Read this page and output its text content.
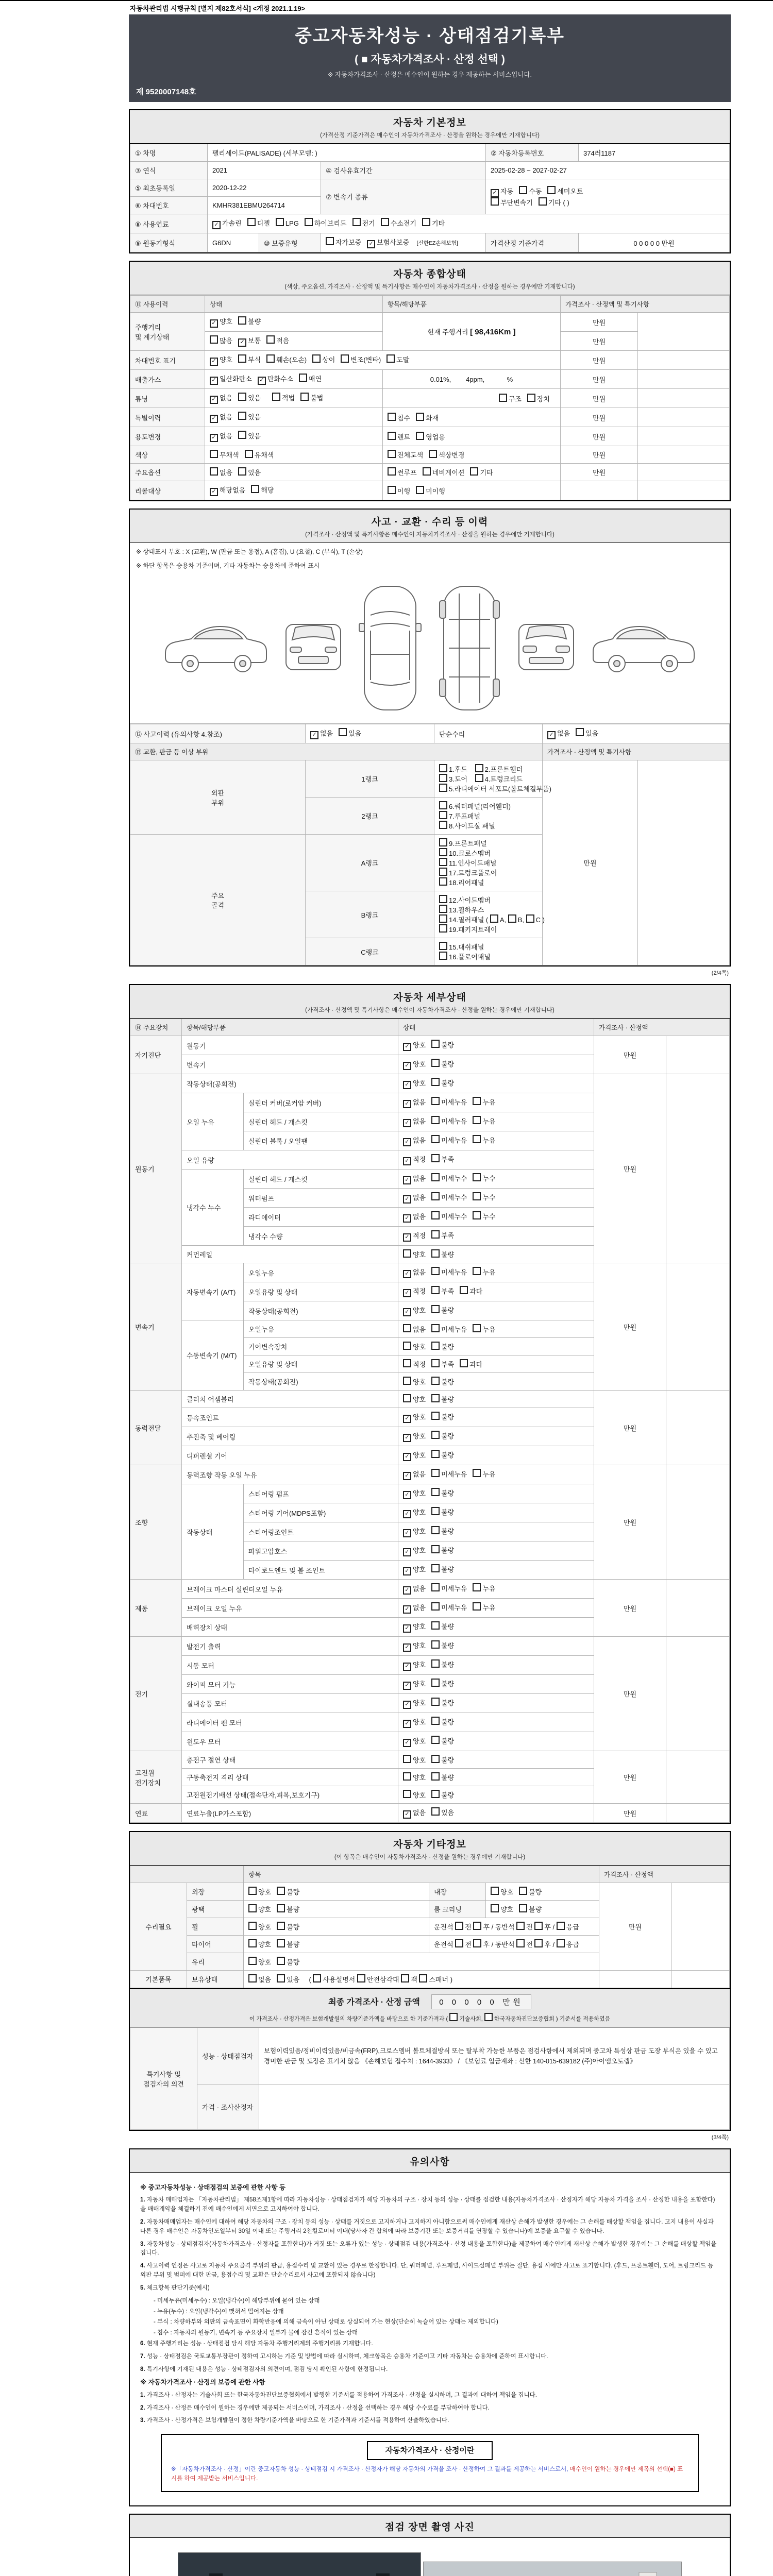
자동차관리법 시행규칙 [별지 제82호서식] <개정 2021.1.19>
중고자동차성능 · 상태점검기록부
( ■ 자동차가격조사 · 산정 선택 )
※ 자동차가격조사 · 산정은 매수인이 원하는 경우 제공하는 서비스입니다.
제 9520007148호
자동차 기본정보
(가격산정 기준가격은 매수인이 자동차가격조사 · 산정을 원하는 경우에만 기재합니다)
① 차명	팰리세이드(PALISADE) (세부모델: )			② 자동차등록번호	374러1187
③ 연식	2021		④ 검사유효기간	2025-02-28 ~ 2027-02-27	
⑤ 최초등록일	2020-12-22		⑦ 변속기 종류	✓ 자동 수동 세미오토
무단변속기 기타 ( )	
⑥ 차대번호	KMHR381EBMU264714				
⑧ 사용연료	✓ 가솔린 디젤 LPG 하이브리드 전기 수소전기 기타				
⑨ 원동기형식	G6DN	⑩ 보증유형	자가보증 ✓ 보험사보증 [신한EZ손해보험]	가격산정 기준가격	0 0 0 0 0 만원
자동차 종합상태
(색상, 주요옵션, 가격조사 · 산정액 및 특기사항은 매수인이 자동차가격조사 · 산정을 원하는 경우에만 기재합니다)
⑪ 사용이력	상태	항목/해당부품	가격조사 · 산정액 및 특기사항	
주행거리
및 계기상태	✓ 양호 불량	현재 주행거리 [ 98,416Km ]	만원	
	많음 ✓ 보통 적음		만원	
차대번호 표기	✓ 양호 부식 훼손(오손) 상이 변조(변타) 도말		만원	
배출가스	✓ 일산화탄소 ✓ 탄화수소 매연	0.01%,        4ppm,            %	만원	
튜닝	✓ 없음 있음 적법 불법	구조 장치	만원	
특별이력	✓ 없음 있음	침수 화재	만원	
용도변경	✓ 없음 있음	렌트 영업용	만원	
색상	무채색 유채색	전체도색 색상변경	만원	
주요옵션	없음 있음	썬루프 네비게이션 기타	만원	
리콜대상	✓ 해당없음 해당	이행 미이행		
사고 · 교환 · 수리 등 이력
(가격조사 · 산정액 및 특기사항은 매수인이 자동차가격조사 · 산정을 원하는 경우에만 기재합니다)
※ 상태표시 부호 : X (교환), W (판금 또는 용접), A (흠집), U (요철), C (부식), T (손상)
※ 하단 항목은 승용차 기준이며, 기타 자동차는 승용차에 준하여 표시
⑫ 사고이력 (유의사항 4.참조)	✓ 없음 있음	단순수리	✓ 없음 있음	
⑬ 교환, 판금 등 이상 부위			가격조사 · 산정액 및 특기사항	
외판
부위	1랭크	1.후드 2.프론트휀더 3.도어 4.트렁크리드 5.라디에이터 서포트(볼트체결부품)	만원	
	2랭크	6.쿼터패널(리어휀더) 7.루프패널 8.사이드실 패널		
주요
골격	A랭크	9.프론트패널 10.크로스멤버 11.인사이드패널 17.트렁크플로어 18.리어패널		
	B랭크	12.사이드멤버 13.휠하우스 14.필러패널 ( A, B, C ) 19.패키지트레이		
	C랭크	15.대쉬패널 16.플로어패널		
(2/4쪽)
자동차 세부상태
(가격조사 · 산정액 및 특기사항은 매수인이 자동차가격조사 · 산정을 원하는 경우에만 기재합니다)
⑭ 주요장치	항목/해당부품		상태	가격조사 · 산정액	
자기진단	원동기		✓ 양호 불량	만원	
	변속기		✓ 양호 불량		
원동기	작동상태(공회전)		✓ 양호 불량	만원	
	오일 누유	실린더 커버(로커암 커버)	✓ 없음 미세누유 누유		
		실린더 헤드 / 개스킷	✓ 없음 미세누유 누유		
		실린더 블록 / 오일팬	✓ 없음 미세누유 누유		
	오일 유량		✓ 적정 부족		
	냉각수 누수	실린더 헤드 / 개스킷	✓ 없음 미세누수 누수		
		워터펌프	✓ 없음 미세누수 누수		
		라디에이터	✓ 없음 미세누수 누수		
		냉각수 수량	✓ 적정 부족		
	커먼레일		양호 불량		
변속기	자동변속기 (A/T)	오일누유	✓ 없음 미세누유 누유	만원	
		오일유량 및 상태	✓ 적정 부족 과다		
		작동상태(공회전)	✓ 양호 불량		
	수동변속기 (M/T)	오일누유	없음 미세누유 누유		
		기어변속장치	양호 불량		
		오일유량 및 상태	적정 부족 과다		
		작동상태(공회전)	양호 불량		
동력전달	클러치 어셈블리		양호 불량	만원	
	등속조인트		✓ 양호 불량		
	추진축 및 베어링		✓ 양호 불량		
	디퍼렌셜 기어		✓ 양호 불량		
조향	동력조향 작동 오일 누유		✓ 없음 미세누유 누유	만원	
	작동상태	스티어링 펌프	✓ 양호 불량		
		스티어링 기어(MDPS포함)	✓ 양호 불량		
		스티어링조인트	✓ 양호 불량		
		파워고압호스	✓ 양호 불량		
		타이로드엔드 및 볼 조인트	✓ 양호 불량		
제동	브레이크 마스터 실린더오일 누유		✓ 없음 미세누유 누유	만원	
	브레이크 오일 누유		✓ 없음 미세누유 누유		
	배력장치 상태		✓ 양호 불량		
전기	발전기 출력		✓ 양호 불량	만원	
	시동 모터		✓ 양호 불량		
	와이퍼 모터 기능		✓ 양호 불량		
	실내송풍 모터		✓ 양호 불량		
	라디에이터 팬 모터		✓ 양호 불량		
	윈도우 모터		✓ 양호 불량		
고전원 전기장치	충전구 절연 상태		양호 불량	만원	
	구동축전지 격리 상태		양호 불량		
	고전원전기배선 상태(접속단자,피복,보호기구)		양호 불량		
연료	연료누출(LP가스포함)		✓ 없음 있음	만원	
자동차 기타정보
(이 항목은 매수인이 자동차가격조사 · 산정을 원하는 경우에만 기재합니다)
		항목			가격조사 · 산정액	
수리필요	외장	양호 불량	내장	양호 불량	만원	
	광택	양호 불량	룸 크리닝	양호 불량		
	휠	양호 불량	운전석 전 후 / 동반석 전 후 / 응급			
	타이어	양호 불량	운전석 전 후 / 동반석 전 후 / 응급			
	유리	양호 불량				
기본품목	보유상태	없음 있음  ( 사용설명서 안전삼각대 잭 스패너 )				
최종 가격조사 · 산정 금액 0 0 0 0 0 만원
이 가격조사 · 산정가격은 보험개발원의 차량기준가액을 바탕으로 한 기준가격과 ( 기술사회, 한국자동차진단보증협회 ) 기준서를 적용하였음
특기사항 및
점검자의 의견	성능 · 상태점검자	보험이력있음/정비이력있음/비금속(FRP),크로스멤버 볼트체결방식 또는 탈부착 가능한 부품은 점검사항에서 제외되며 중고차 특성상 판금 도장 부식은 있을 수 있고 경미한 판금 및 도장은 표기치 않음 《손해보험 접수처 : 1644-3933》 / 《보험료 입금계좌 : 신한 140-015-639182 (주)아이엠오토랩》
	가격 · 조사산정자	
(3/4쪽)
유의사항
※ 중고자동차성능 · 상태점검의 보증에 관한 사항 등

1. 자동차 매매업자는 「자동차관리법」 제58조제1항에 따라 자동차성능 · 상태점검자가 해당 자동차의 구조 · 장치 등의 성능 · 상태를 점검한 내용(자동차가격조사 · 산정자가 해당 자동차 가격을 조사 · 산정한 내용을 포함한다)을 매매계약을 체결하기 전에 매수인에게 서면으로 고지하여야 합니다.

2. 자동차매매업자는 매수인에 대하여 해당 자동차의 구조 · 장치 등의 성능 · 상태를 거짓으로 고지하거나 고지하지 아니함으로써 매수인에게 재산상 손해가 발생한 경우에는 그 손해를 배상할 책임을 집니다. 고지 내용이 사실과 다른 경우 매수인은 자동차인도일부터 30일 이내 또는 주행거리 2천킬로미터 이내(당사자 간 합의에 따라 보증기간 또는 보증거리를 연장할 수 있습니다)에 보증을 요구할 수 있습니다.

3. 자동차성능 · 상태점검자(자동차가격조사 · 산정자를 포함한다)가 거짓 또는 오류가 있는 성능 · 상태점검 내용(가격조사 · 산정 내용을 포함한다)을 제공하여 매수인에게 재산상 손해가 발생한 경우에는 그 손해를 배상할 책임을 집니다.

4. 사고이력 인정은 사고로 자동차 주요골격 부위의 판금, 용접수리 및 교환이 있는 경우로 한정합니다. 단, 쿼터패널, 루프패널, 사이드실패널 부위는 절단, 용접 시에만 사고로 표기합니다. (후드, 프론트휀더, 도어, 트렁크리드 등 외판 부위 및 범퍼에 대한 판금, 용접수리 및 교환은 단순수리로서 사고에 포함되지 않습니다)

5. 체크항목 판단기준(예시)

- 미세누유(미세누수) : 오일(냉각수)이 해당부위에 묻어 있는 상태
- 누유(누수) : 오일(냉각수)이 맺혀서 떨어지는 상태
- 부식 : 차량하부와 외판의 금속표면이 화학반응에 의해 금속이 아닌 상태로 상실되어 가는 현상(단순히 녹슬어 있는 상태는 제외합니다)
- 침수 : 자동차의 원동기, 변속기 등 주요장치 일부가 물에 잠긴 흔적이 있는 상태

6. 현재 주행거리는 성능 · 상태점검 당시 해당 자동차 주행거리계의 주행거리를 기재합니다.

7. 성능 · 상태점검은 국토교통부장관이 정하여 고시하는 기준 및 방법에 따라 실시하며, 체크항목은 승용차 기준이고 기타 자동차는 승용차에 준하여 표시합니다.

8. 특기사항에 기재된 내용은 성능 · 상태점검자의 의견이며, 점검 당시 확인된 사항에 한정됩니다.

※ 자동차가격조사 · 산정의 보증에 관한 사항

1. 가격조사 · 산정자는 기술사회 또는 한국자동차진단보증협회에서 발행한 기준서를 적용하여 가격조사 · 산정을 실시하며, 그 결과에 대하여 책임을 집니다.

2. 가격조사 · 산정은 매수인이 원하는 경우에만 제공되는 서비스이며, 가격조사 · 산정을 선택하는 경우 해당 수수료를 부담하여야 합니다.

3. 가격조사 · 산정가격은 보험개발원이 정한 차량기준가액을 바탕으로 한 기준가격과 기준서를 적용하여 산출하였습니다.

자동차가격조사 · 산정이란
※「자동차가격조사 · 산정」이란 중고자동차 성능 · 상태점검 시 가격조사 · 산정자가 해당 자동차의 가격을 조사 · 산정하여 그 결과를 제공하는 서비스로서, 매수인이 원하는 경우에만 제목의 선택(■) 표시를 하여 제공받는 서비스입니다.
점검 장면 촬영 사진
